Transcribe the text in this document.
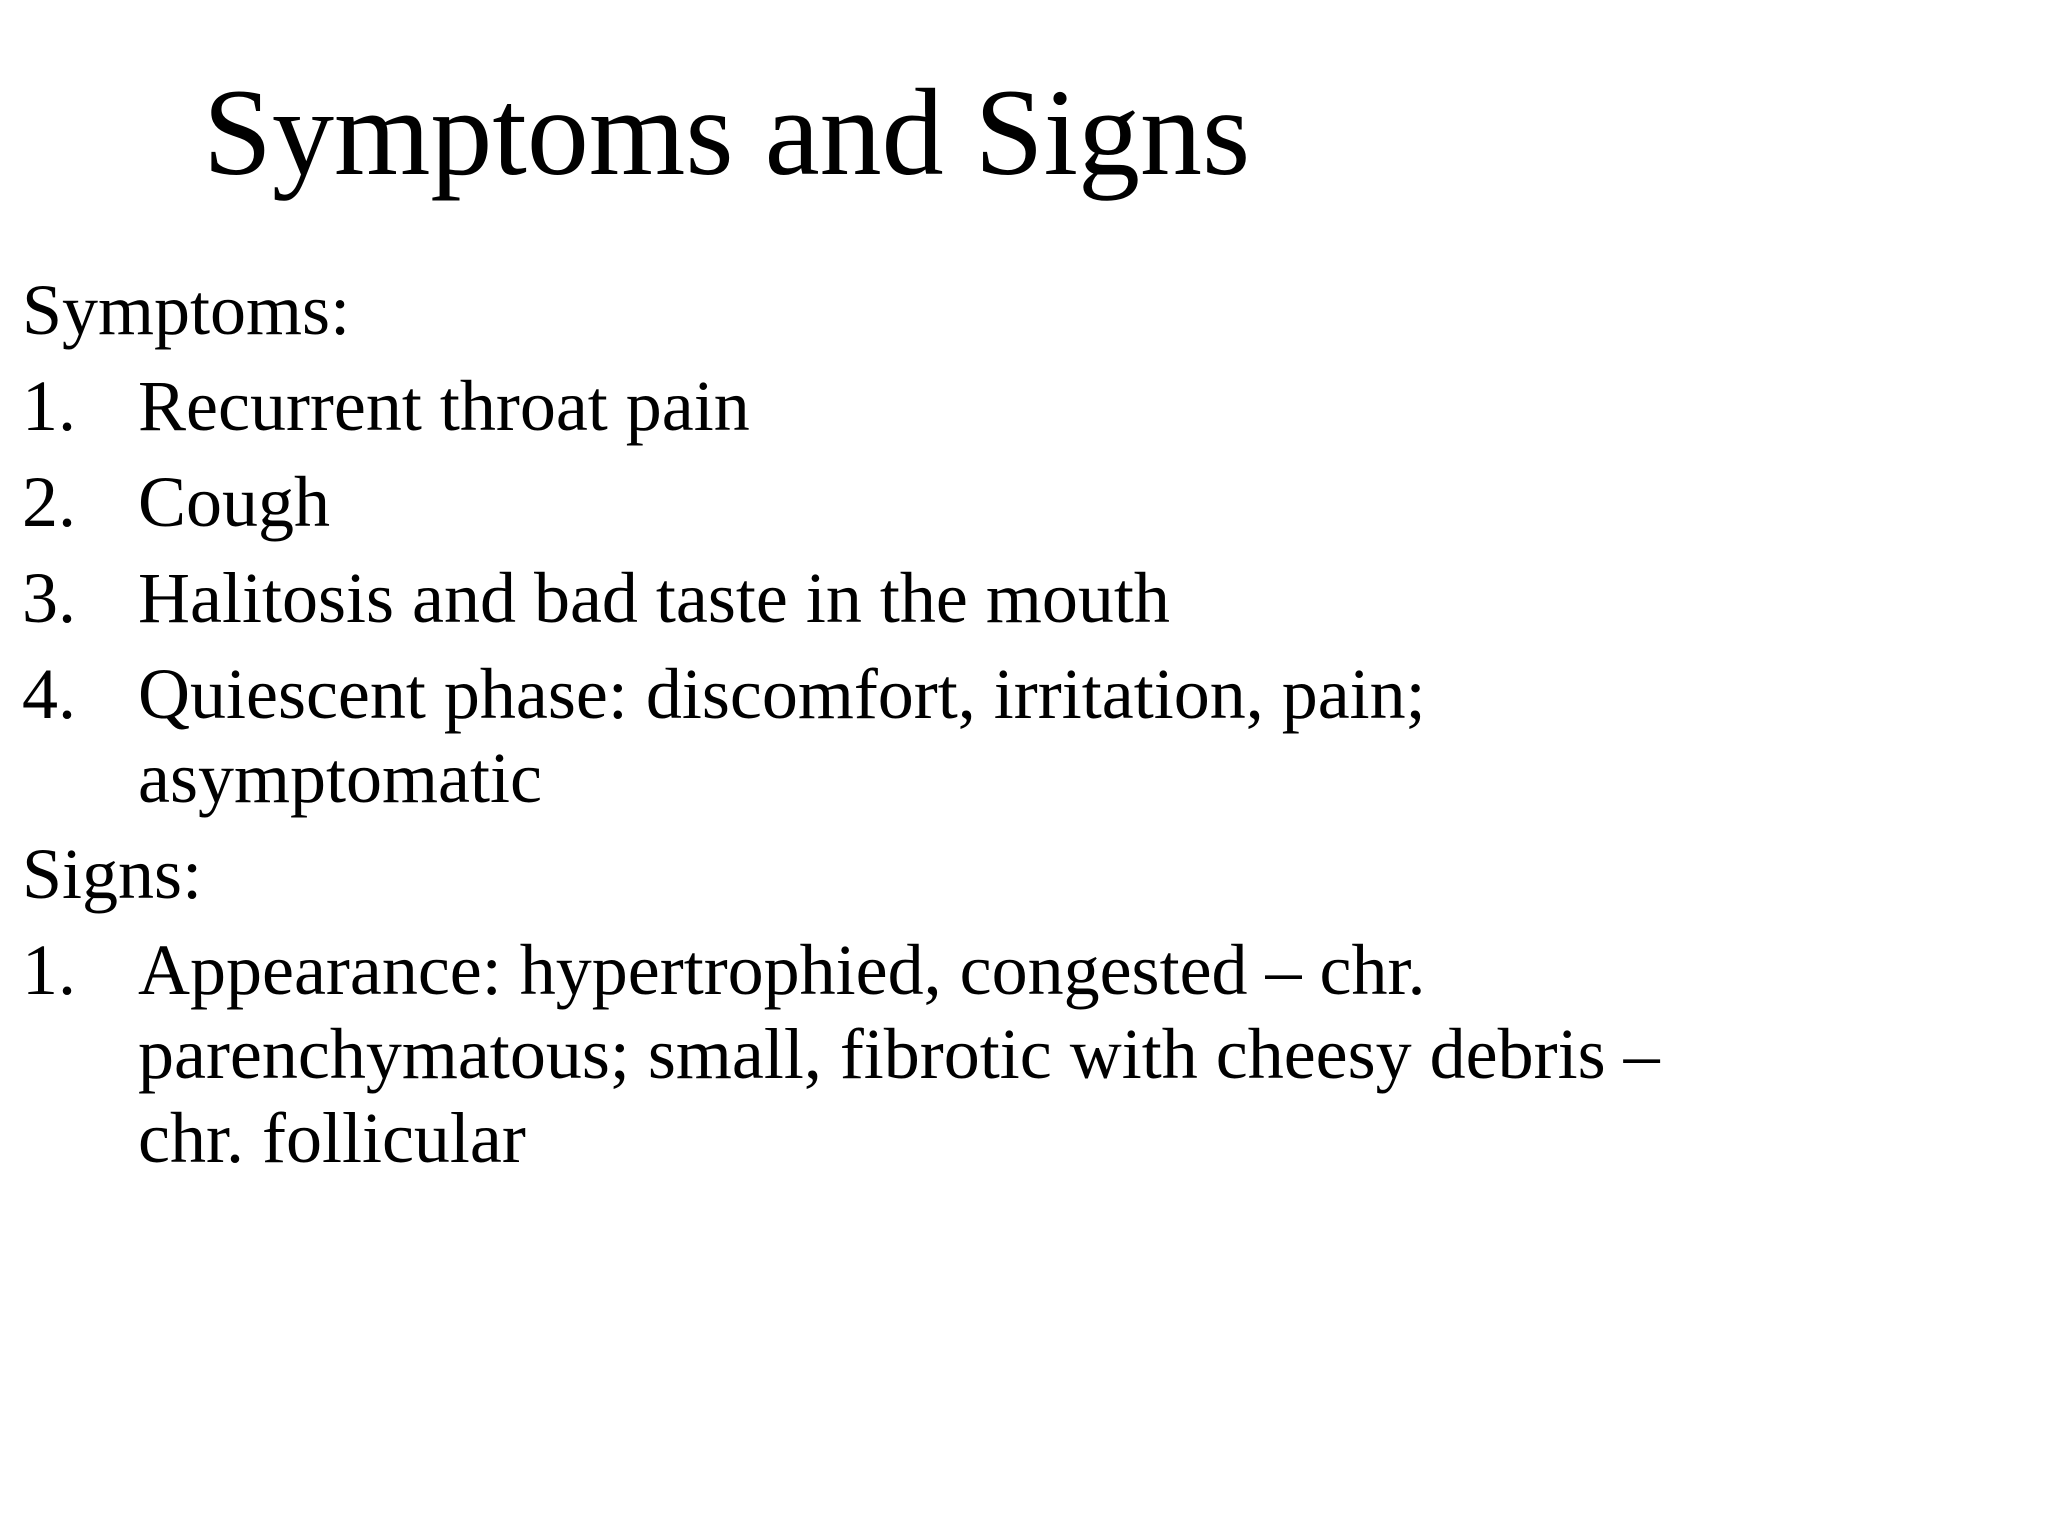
Symptoms and Signs
Symptoms:
1. Recurrent throat pain
2. Cough
3. Halitosis and bad taste in the mouth
4. Quiescent phase: discomfort, irritation, pain;
asymptomatic
Signs:
1. Appearance: hypertrophied, congested – chr.
parenchymatous; small, fibrotic with cheesy debris –
chr. follicular
